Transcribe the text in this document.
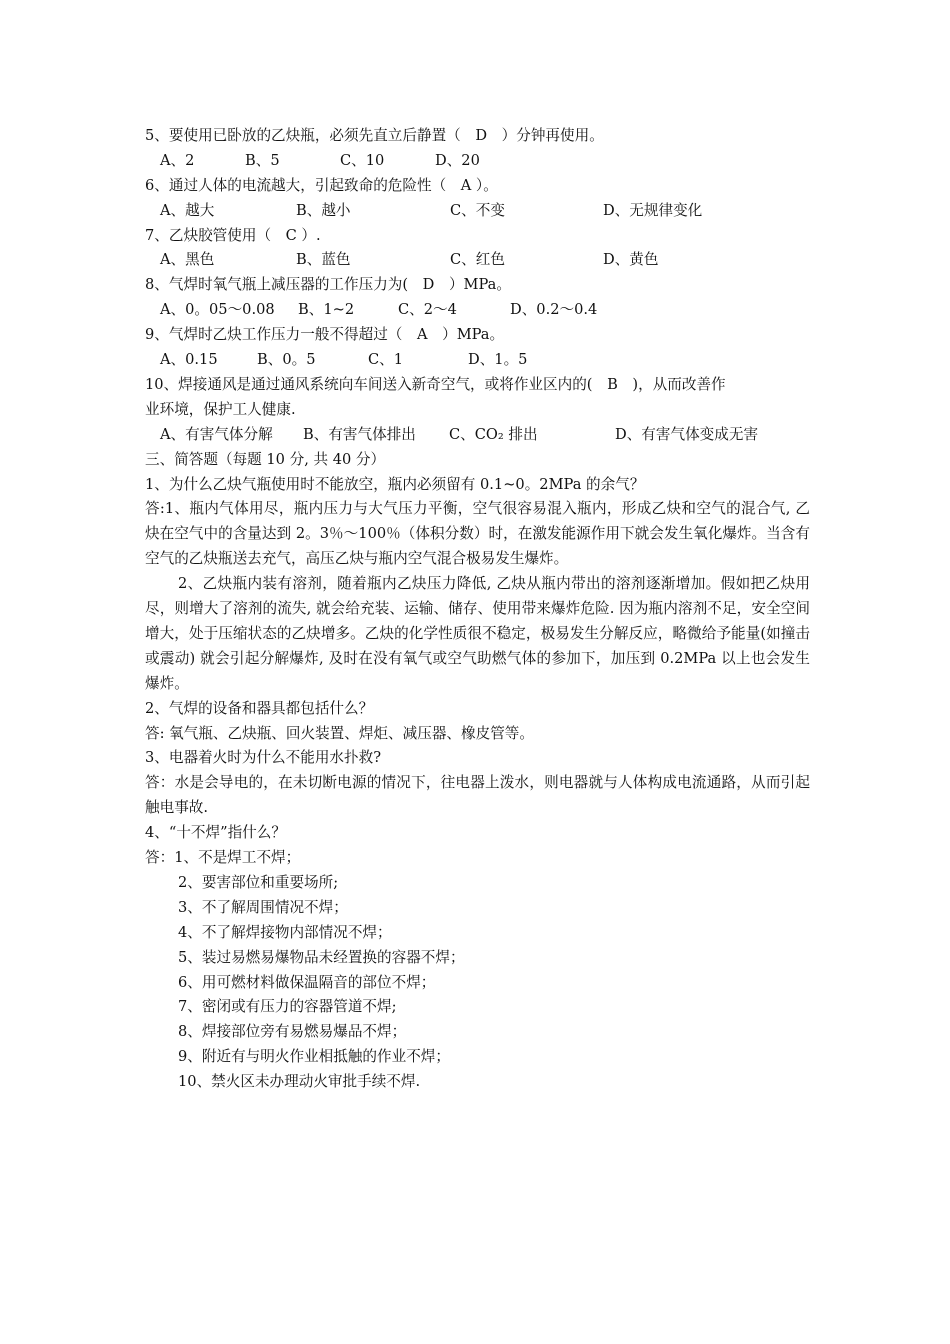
5、要使用已卧放的乙炔瓶，必须先直立后静置（　D　）分钟再使用。
A、2	B、5	C、10	D、20
6、通过人体的电流越大，引起致命的危险性（　A ）。
A、越大	B、越小	C、不变	D、无规律变化
7、乙炔胶管使用（　C ）.
A、黑色	B、蓝色	C、红色	D、黄色
8、气焊时氧气瓶上减压器的工作压力为(　D　）MPa。
A、0。05～0.08	B、1~2	C、2～4	D、0.2～0.4
9、气焊时乙炔工作压力一般不得超过（　A　）MPa。
A、0.15	B、0。5	C、1	D、1。5
10、焊接通风是通过通风系统向车间送入新奇空气，或将作业区内的(　B　)，从而改善作
业环境，保护工人健康.
A、有害气体分解	B、有害气体排出	C、CO₂ 排出	D、有害气体变成无害
三、简答题（每题 10 分, 共 40 分）
1、为什么乙炔气瓶使用时不能放空，瓶内必须留有 0.1~0。2MPa 的余气？
答:1、瓶内气体用尽，瓶内压力与大气压力平衡，空气很容易混入瓶内，形成乙炔和空气的混合气, 乙炔在空气中的含量达到 2。3％～100％（体积分数）时，在激发能源作用下就会发生氧化爆炸。当含有空气的乙炔瓶送去充气，高压乙炔与瓶内空气混合极易发生爆炸。
2、乙炔瓶内装有溶剂，随着瓶内乙炔压力降低, 乙炔从瓶内带出的溶剂逐渐增加。假如把乙炔用尽，则增大了溶剂的流失, 就会给充装、运输、储存、使用带来爆炸危险. 因为瓶内溶剂不足，安全空间增大，处于压缩状态的乙炔增多。乙炔的化学性质很不稳定，极易发生分解反应，略微给予能量(如撞击或震动) 就会引起分解爆炸, 及时在没有氧气或空气助燃气体的参加下，加压到 0.2MPa 以上也会发生爆炸。
2、气焊的设备和器具都包括什么？
答: 氧气瓶、乙炔瓶、回火装置、焊炬、减压器、橡皮管等。
3、电器着火时为什么不能用水扑救?
答：水是会导电的，在未切断电源的情况下，往电器上泼水，则电器就与人体构成电流通路，从而引起触电事故.
4、“十不焊”指什么？
答：1、不是焊工不焊；
2、要害部位和重要场所;
3、不了解周围情况不焊；
4、不了解焊接物内部情况不焊；
5、装过易燃易爆物品未经置换的容器不焊；
6、用可燃材料做保温隔音的部位不焊；
7、密闭或有压力的容器管道不焊;
8、焊接部位旁有易燃易爆品不焊；
9、附近有与明火作业相抵触的作业不焊；
10、禁火区未办理动火审批手续不焊.
